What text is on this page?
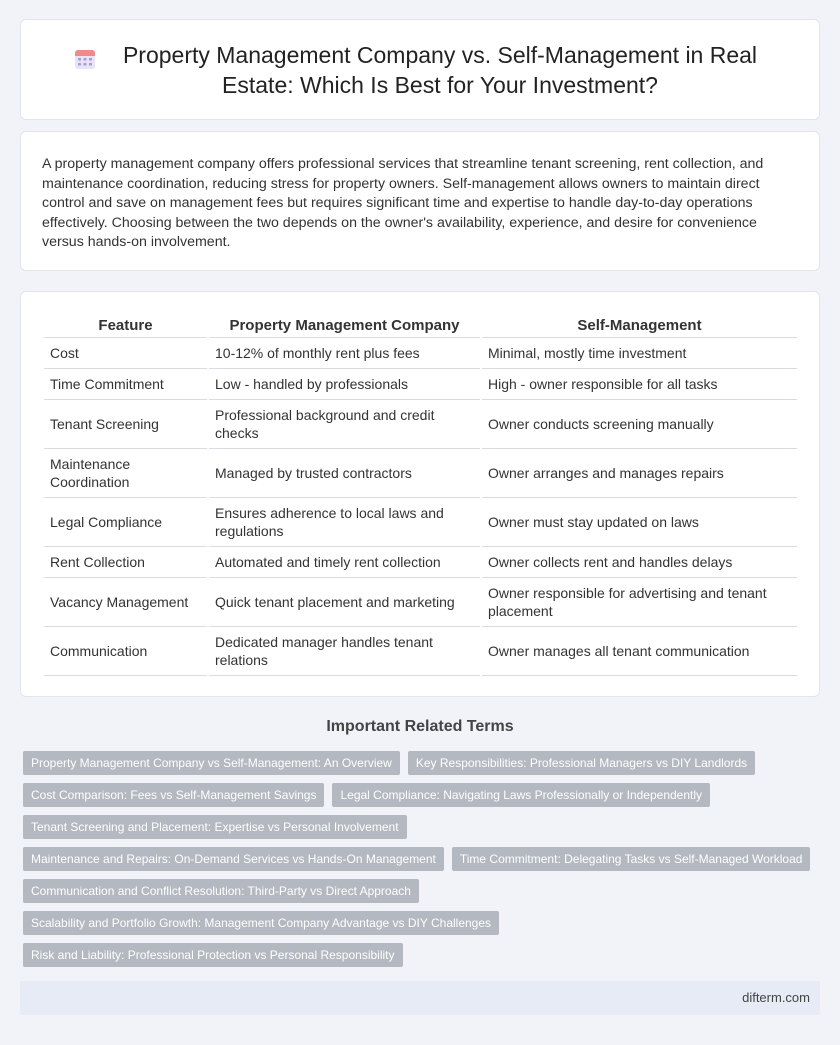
Property Management Company vs. Self-Management in Real Estate: Which Is Best for Your Investment?

A property management company offers professional services that streamline tenant screening, rent collection, and maintenance coordination, reducing stress for property owners. Self-management allows owners to maintain direct control and save on management fees but requires significant time and expertise to handle day-to-day operations effectively. Choosing between the two depends on the owner's availability, experience, and desire for convenience versus hands-on involvement.

Feature	Property Management Company	Self-Management
Cost	10-12% of monthly rent plus fees	Minimal, mostly time investment
Time Commitment	Low - handled by professionals	High - owner responsible for all tasks
Tenant Screening	Professional background and credit checks	Owner conducts screening manually
Maintenance Coordination	Managed by trusted contractors	Owner arranges and manages repairs
Legal Compliance	Ensures adherence to local laws and regulations	Owner must stay updated on laws
Rent Collection	Automated and timely rent collection	Owner collects rent and handles delays
Vacancy Management	Quick tenant placement and marketing	Owner responsible for advertising and tenant placement
Communication	Dedicated manager handles tenant relations	Owner manages all tenant communication
Important Related Terms
Property Management Company vs Self-Management: An Overview	Key Responsibilities: Professional Managers vs DIY Landlords
Cost Comparison: Fees vs Self-Management Savings	Legal Compliance: Navigating Laws Professionally or Independently
Tenant Screening and Placement: Expertise vs Personal Involvement
Maintenance and Repairs: On-Demand Services vs Hands-On Management	Time Commitment: Delegating Tasks vs Self-Managed Workload
Communication and Conflict Resolution: Third-Party vs Direct Approach
Scalability and Portfolio Growth: Management Company Advantage vs DIY Challenges
Risk and Liability: Professional Protection vs Personal Responsibility
difterm.com
